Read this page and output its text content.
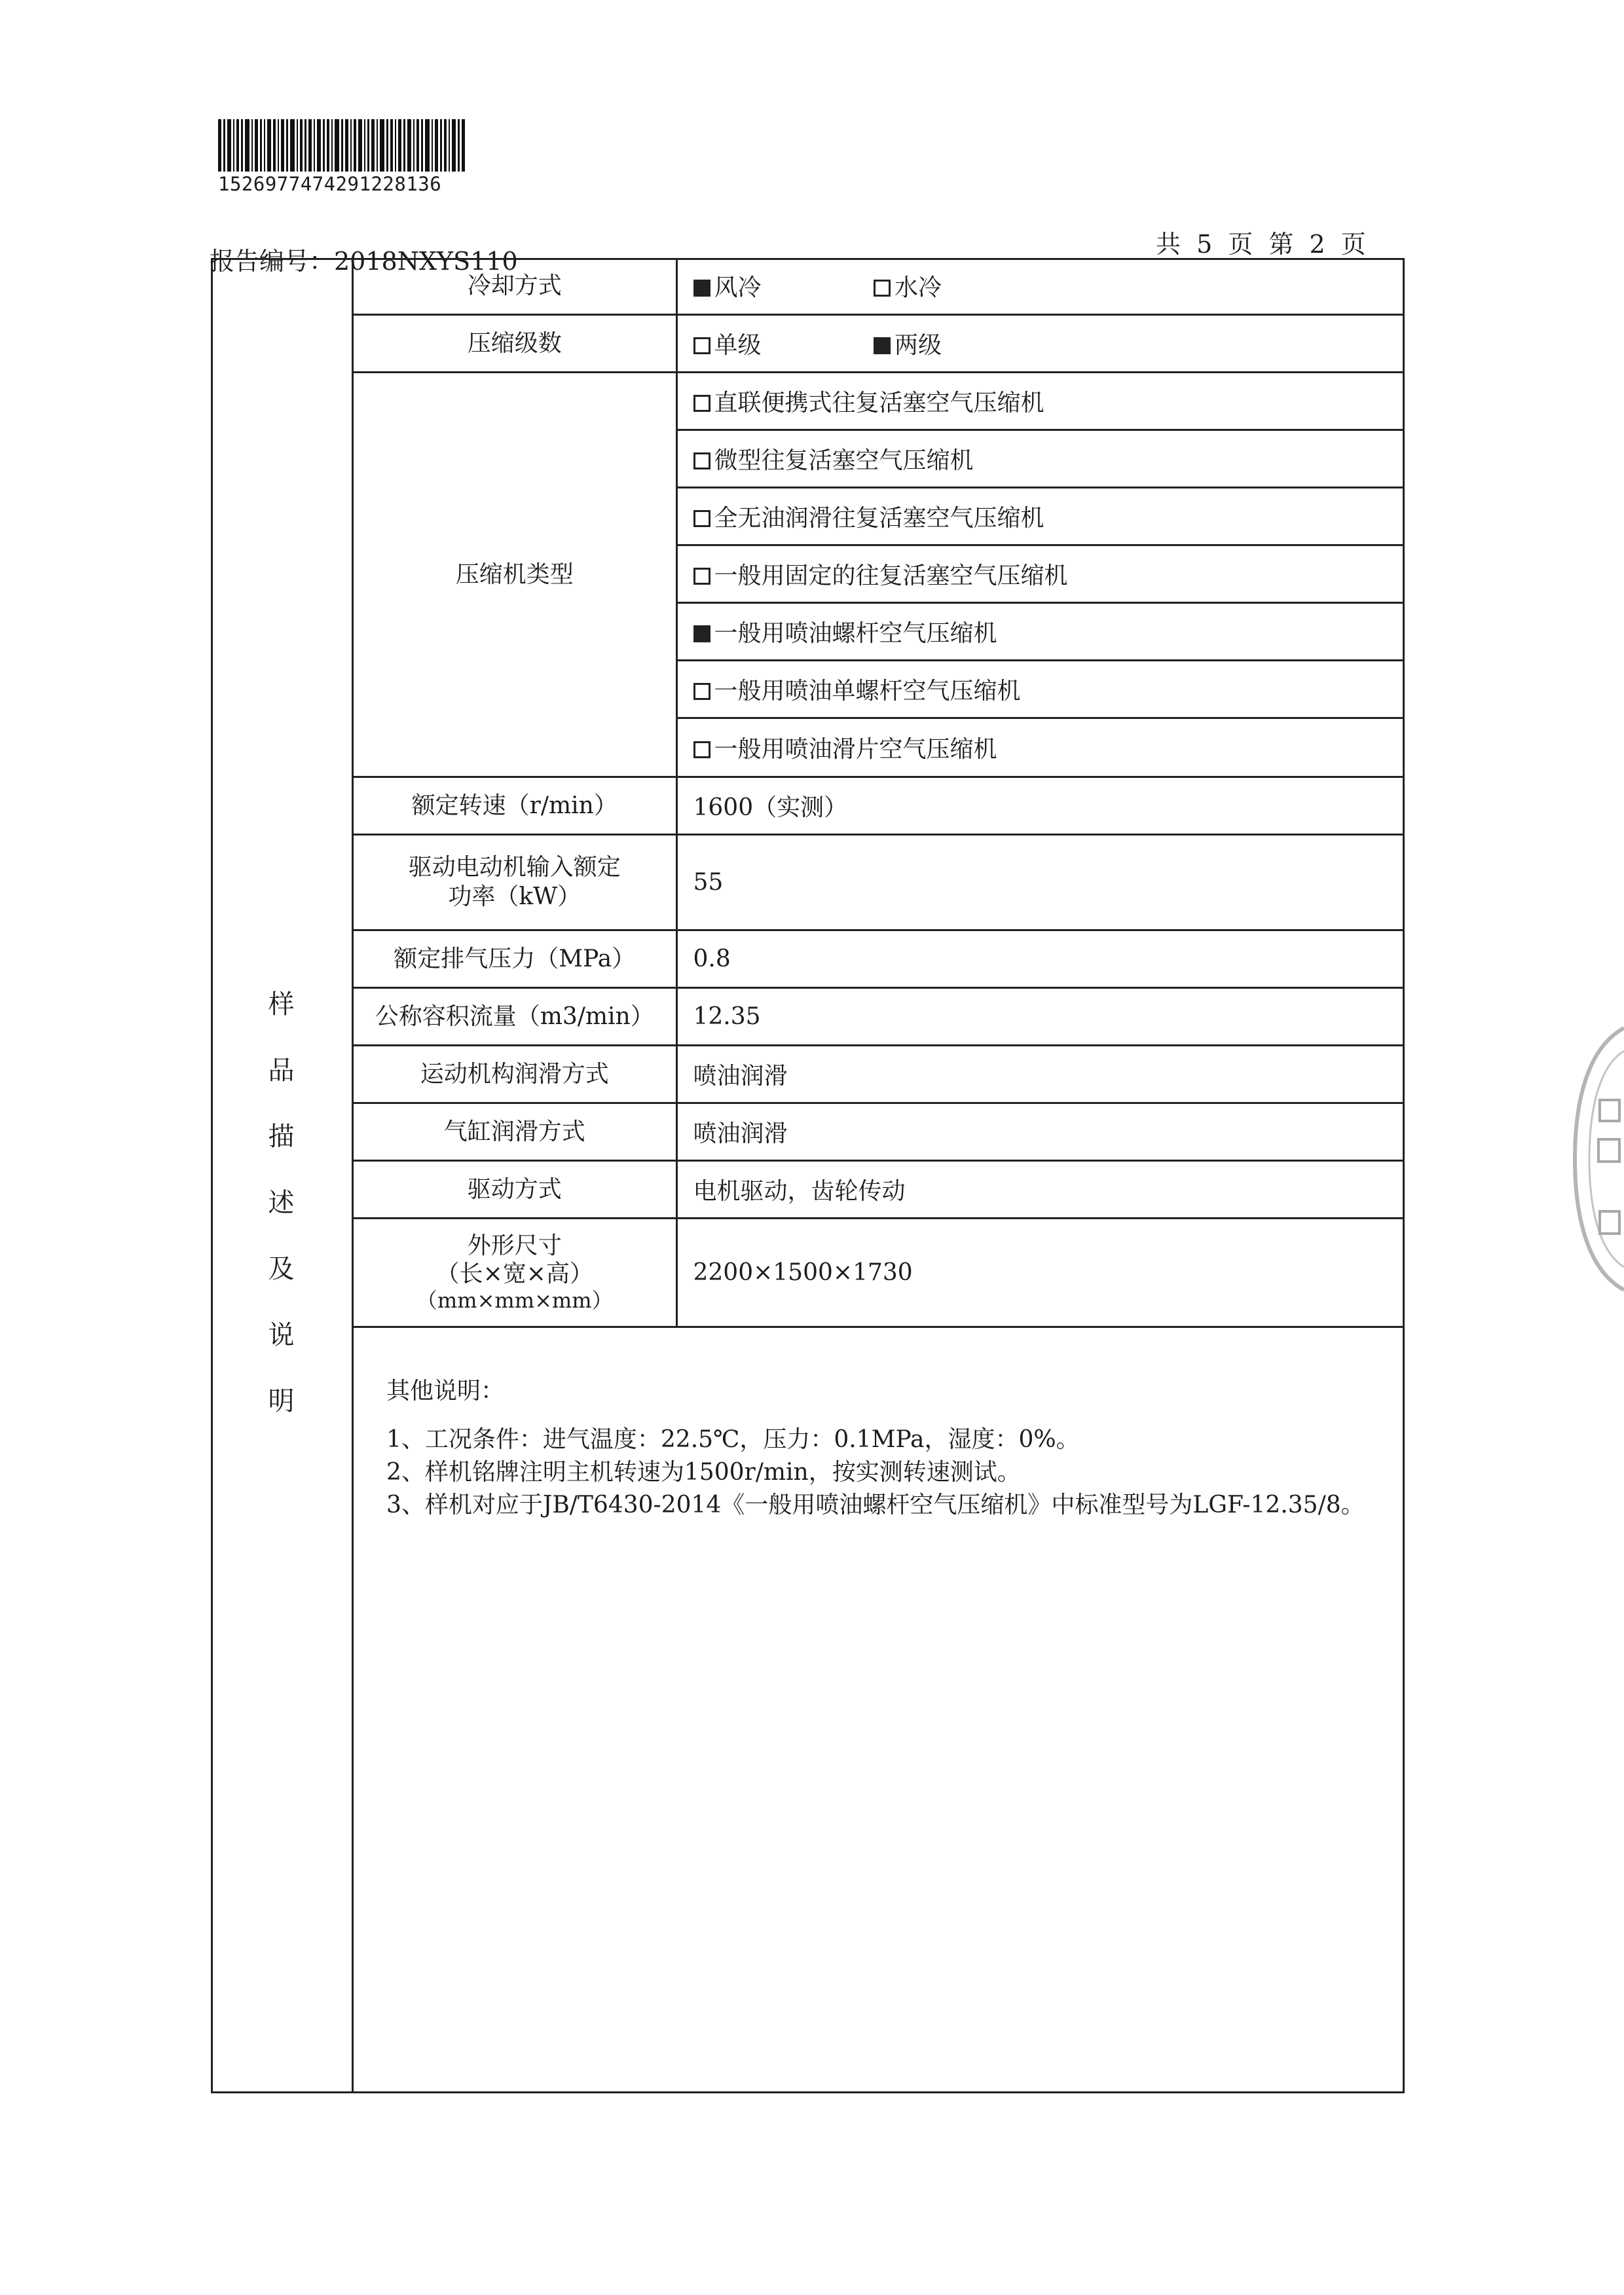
1526977474291228136
报告编号：2018NXYS110
共 5 页 第 2 页
样
品
描
述
及
说
明
冷却方式	风冷 水冷
压缩级数	单级 两级
压缩机类型	直联便携式往复活塞空气压缩机
	微型往复活塞空气压缩机
	全无油润滑往复活塞空气压缩机
	一般用固定的往复活塞空气压缩机
	一般用喷油螺杆空气压缩机
	一般用喷油单螺杆空气压缩机
	一般用喷油滑片空气压缩机
额定转速（r/min）	1600（实测）

驱动电动机输入额定
功率（kW）	55
额定排气压力（MPa）	0.8
公称容积流量（m3/min）	12.35
运动机构润滑方式	喷油润滑
气缸润滑方式	喷油润滑
驱动方式	电机驱动，齿轮传动

外形尺寸
（长×宽×高）
（mm×mm×mm）	2200×1500×1730
其他说明：
1、工况条件：进气温度：22.5℃，压力：0.1MPa，湿度：0%。
2、样机铭牌注明主机转速为1500r/min，按实测转速测试。
3、样机对应于JB/T6430-2014《一般用喷油螺杆空气压缩机》中标准型号为LGF-12.35/8。
